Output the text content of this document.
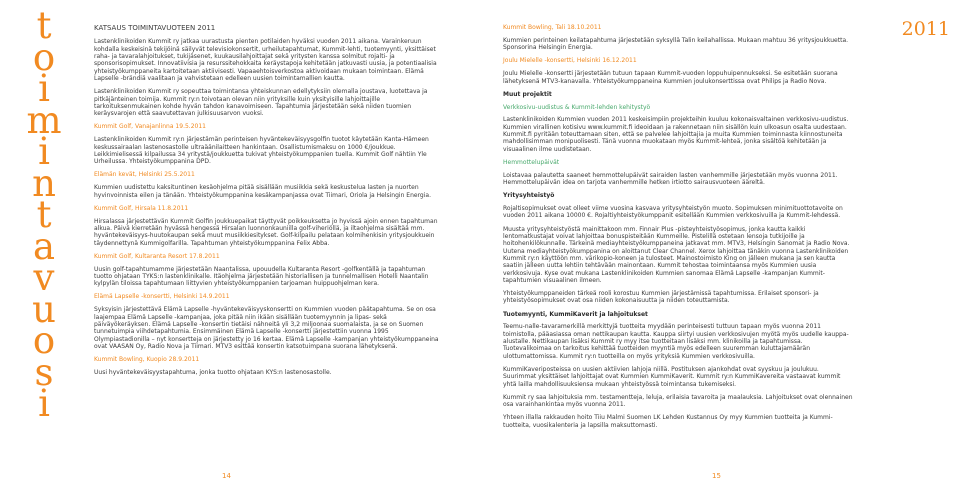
t
o
i
m
i
n
t
a
v
u
o
s
i

KATSAUS TOIMINTAVUOTEEN 2011

Lastenklinikoiden Kummit ry jatkaa uurastusta pienten potilaiden hyväksi vuoden 2011 aikana. Varainkeruun kohdalla keskeisinä tekijöinä säilyvät televisiokonsertit, urheilutapahtumat, Kummit-lehti, tuotemyynti, yksittäiset raha- ja tavaralahjoitukset, tukijäsenet, kuukausilahjoittajat sekä yritysten kanssa solmitut rojalti- ja sponsorisopimukset. Innovatiivisia ja resurssitehokkaita keräystapoja kehitetään jatkuvasti uusia, ja potentiaalisia yhteistyökumppaneita kartoitetaan aktiivisesti. Vapaaehtoisverkostoa aktivoidaan mukaan toimintaan. Elämä Lapselle -brändiä vaalitaan ja vahvistetaan edelleen uusien toimintamallien kautta.

Lastenklinikoiden Kummit ry sopeuttaa toimintansa yhteiskunnan edellytyksiin olemalla joustava, luotettava ja pitkäjänteinen toimija. Kummit ry:n toivotaan olevan niin yrityksille kuin yksityisille lahjoittajille tarkoituksenmukainen kohde hyvän tahdon kanavoimiseen. Tapahtumia järjestetään sekä niiden tuomien keräysvarojen että saavutettavan julkisuusarvon vuoksi.

Kummit Golf, Vanajanlinna 19.5.2011

Lastenklinikoiden Kummit ry:n järjestämän perinteisen hyväntekeväisyysgolfin tuotot käytetään Kanta-Hämeen keskussairaalan lastenosastolle ultraäänilaitteen hankintaan. Osallistumismaksu on 1000 €/joukkue. Leikkimielisessä kilpailussa 34 yritystä/joukkuetta tukivat yhteistyökumppanien tuella. Kummit Golf nähtiin Yle Urheilussa. Yhteistyökumppanina DPD.

Elämän kevät, Helsinki 25.5.2011

Kummien uudistettu kaksituntinen kesäohjelma pitää sisällään musiikkia sekä keskustelua lasten ja nuorten hyvinvoinnista eilen ja tänään. Yhteistyökumppanina kesäkampanjassa ovat Tiimari, Oriola ja Helsingin Energia.

Kummit Golf, Hirsala 11.8.2011

Hirsalassa järjestettävän Kummit Golfin joukkuepaikat täyttyvät poikkeuksetta jo hyvissä ajoin ennen tapahtuman alkua. Päivä kierretään hyvässä hengessä Hirsalan luonnonkauniilla golf-viheriöllä, ja iltaohjelma sisältää mm. hyväntekeväisyys-huutokaupan sekä muut musiikkiesitykset. Golf-kilpailu pelataan kolmihenkisin yritysjoukkuein täydennettynä Kummigolfarilla. Tapahtuman yhteistyökumppanina Felix Abba.

Kummit Golf, Kultaranta Resort 17.8.2011

Uusin golf-tapahtumamme järjestetään Naantalissa, upouudella Kultaranta Resort -golfkentällä ja tapahtuman tuotto ohjataan TYKS:n lastenklinikalle. Itäohjelma järjestetään historiallisen ja tunnelmallisen Hotelli Naantalin kylpylän tiloissa tapahtumaan liittyvien yhteistyökumppanien tarjoaman huippuohjelman kera.

Elämä Lapselle -konsertti, Helsinki 14.9.2011

Syksyisin järjestettävä Elämä Lapselle -hyväntekeväisyyskonsertti on Kummien vuoden päätapahtuma. Se on osa laajempaa Elämä Lapselle -kampanjaa, joka pitää niin ikään sisällään tuotemyynnin ja lipas- sekä päiväyökeräyksen. Elämä Lapselle -konsertin tietäisi nähneitä yli 3,2 miljoonaa suomalaista, ja se on Suomen tunnetuimpia viihdetapahtumia. Ensimmäinen Elämä Lapselle -konsertti järjestettiin vuonna 1995 Olympiastadionilla – nyt konsertteja on järjestetty jo 16 kertaa. Elämä Lapselle -kampanjan yhteistyökumppaneina ovat VAASAN Oy, Radio Nova ja Tiimari. MTV3 esittää konsertin katsotuimpana suorana lähetyksenä.

Kummit Bowling, Kuopio 28.9.2011

Uusi hyväntekeväisyystapahtuma, jonka tuotto ohjataan KYS:n lastenosastolle.

Kummit Bowling, Tali 18.10.2011

Kummien perinteinen keilatapahtuma järjestetään syksyllä Talin keilahallissa. Mukaan mahtuu 36 yritysjoukkuetta. Sponsorina Helsingin Energia.

Joulu Mielelle -konsertti, Helsinki 16.12.2011

Joulu Mielelle -konsertti järjestetään tutuun tapaan Kummit-vuoden loppuhuipennukseksi. Se esitetään suorana lähetyksenä MTV3-kanavalla. Yhteistyökumppaneina Kummien joulukonserttissa ovat Philips ja Radio Nova.

Muut projektit

Verkkosivu-uudistus & Kummit-lehden kehitystyö

Lastenklinikoiden Kummien vuoden 2011 keskeisimpiin projekteihin kuuluu kokonaisvaltainen verkkosivu-uudistus. Kummien virallinen kotisivu www.kummit.fi ideoidaan ja rakennetaan niin sisällön kuin ulkoasun osalta uudestaan. Kummit.fi pyritään toteuttamaan siten, että se palvelee lahjoittajia ja muita Kummien toiminnasta kiinnostuneita mahdollisimman monipuolisesti. Tänä vuonna muokataan myös Kummit-lehteä, jonka sisältöä kehitetään ja visuaalinen ilme uudistetaan.

Hemmottelupäivät

Loistavaa palautetta saaneet hemmottelupäivät sairaiden lasten vanhemmille järjestetään myös vuonna 2011. Hemmottelupäivän idea on tarjota vanhemmille hetken irtiotto sairausvuoteen ääreltä.

Yritysyhteistyö

Rojaltisopimukset ovat olleet viime vuosina kasvava yritysyhteistyön muoto. Sopimuksen minimituottotavoite on vuoden 2011 aikana 10000 €. Rojaltiyhteistyökumppanit esitellään Kummien verkkosivuilla ja Kummit-lehdessä.

Muusta yritysyhteistyöstä mainittakoon mm. Finnair Plus -pisteyhteistyösopimus, jonka kautta kaikki lentomatkustajat voivat lahjoittaa bonuspisteitään Kummeille. Pistelillä ostetaan lensoja tutkijoille ja hoitohenkilökunnalle. Tärkeinä mediayhteistyökumppaneina jatkavat mm. MTV3, Helsingin Sanomat ja Radio Nova. Uutena mediayhteistyökumppanina on aloittanut Clear Channel. Xerox lahjoittaa tänäkin vuonna Lastenklinikoiden Kummit ry:n käyttöön mm. värikopio-koneen ja tulosteet. Mainostoimisto King on jälleen mukana ja sen kautta saatiin jälleen uutta lehtiin tehtävään mainontaan. Kummit tehostaa toimintaansa myös Kummien uusia verkkosivuja. Kyse ovat mukana Lastenklinikoiden Kummien sanomaa Elämä Lapselle -kampanjan Kummit-tapahtumien visuaalinen ilmeen.

Yhteistyökumppaneiden tärkeä rooli korostuu Kummien järjestämissä tapahtumissa. Erilaiset sponsori- ja yhteistyösopimukset ovat osa niiden kokonaisuutta ja niiden toteuttamista.

Tuotemyynti, KummiKaverit ja lahjoitukset

Teemu-nalle-tavaramerkillä merkittyjä tuotteita myydään perinteisesti tuttuun tapaan myös vuonna 2011 toimistolla, pääasiassa oman nettikaupan kautta. Kauppa siirtyi uusien verkkosivujen myötä myös uudelle kauppa-alustalle. Nettikaupan lisäksi Kummit ry myy itse tuotteitaan lisäksi mm. klinikoilla ja tapahtumissa. Tuotevalikoimaa on tarkoitus kehittää tuotteiden myyntiä myös edelleen suuremman kuluttajamäärän ulottumattomissa. Kummit ry:n tuotteilla on myös yrityksiä Kummien verkkosivuilla.

KummiKaveriposteissa on uusien aktiivien lahjoja niillä. Postituksen ajankohdat ovat syyskuu ja joulukuu. Suurimmat yksittäiset lahjoittajat ovat Kummien KummiKaverit. Kummit ry:n KummiKavereita vastaavat kummit yhtä lailla mahdollisuuksiensa mukaan yhteistyössä toimintansa tukemiseksi.

Kummit ry saa lahjoituksia mm. testamentteja, leluja, erilaisia tavaroita ja maalauksia. Lahjoitukset ovat olennainen osa varainhankintaa myös vuonna 2011.

Yhteen illalla rakkauden hoito Tiiu Malmi Suomen LK Lehden Kustannus Oy myy Kummien tuotteita ja Kummi-tuotteita, vuosikalenteria ja lapsilla maksuttomasti.

14	15
2011
